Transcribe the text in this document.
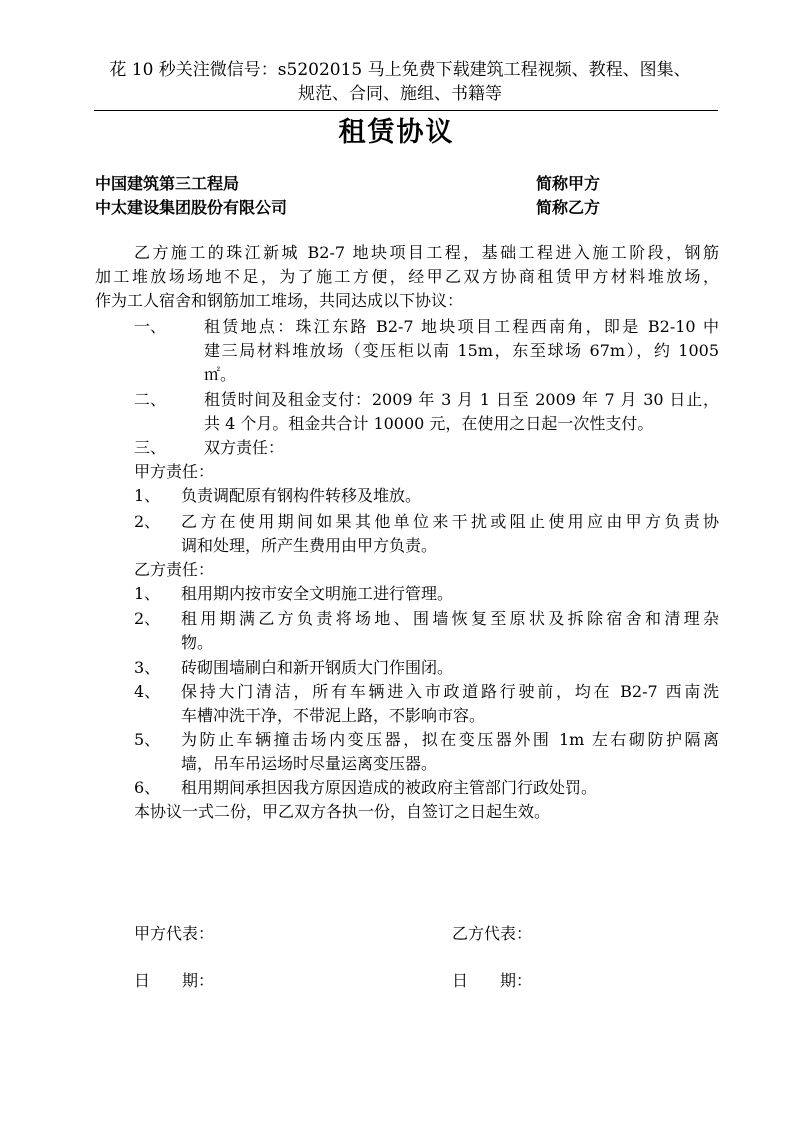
花 10 秒关注微信号：s5202015 马上免费下载建筑工程视频、教程、图集、
规范、合同、施组、书籍等
租赁协议
中国建筑第三工程局	简称甲方
中太建设集团股份有限公司	简称乙方
乙方施工的珠江新城 B2-7 地块项目工程，基础工程进入施工阶段，钢筋
加工堆放场场地不足，为了施工方便，经甲乙双方协商租赁甲方材料堆放场，
作为工人宿舍和钢筋加工堆场，共同达成以下协议：
一、 租赁地点：珠江东路 B2-7 地块项目工程西南角，即是 B2-10 中
建三局材料堆放场（变压柜以南 15m，东至球场 67m），约 1005
㎡。
二、 租赁时间及租金支付：2009 年 3 月 1 日至 2009 年 7 月 30 日止，
共 4 个月。租金共合计 10000 元，在使用之日起一次性支付。
三、 双方责任：
甲方责任：
1、 负责调配原有钢构件转移及堆放。
2、 乙方在使用期间如果其他单位来干扰或阻止使用应由甲方负责协
调和处理，所产生费用由甲方负责。
乙方责任：
1、 租用期内按市安全文明施工进行管理。
2、 租用期满乙方负责将场地、围墙恢复至原状及拆除宿舍和清理杂
物。
3、 砖砌围墙刷白和新开钢质大门作围闭。
4、 保持大门清洁，所有车辆进入市政道路行驶前，均在 B2-7 西南洗
车槽冲洗干净，不带泥上路，不影响市容。
5、 为防止车辆撞击场内变压器，拟在变压器外围 1m 左右砌防护隔离
墙，吊车吊运场时尽量运离变压器。
6、 租用期间承担因我方原因造成的被政府主管部门行政处罚。
本协议一式二份，甲乙双方各执一份，自签订之日起生效。
甲方代表：	乙方代表：
日　　期：	日　　期：
